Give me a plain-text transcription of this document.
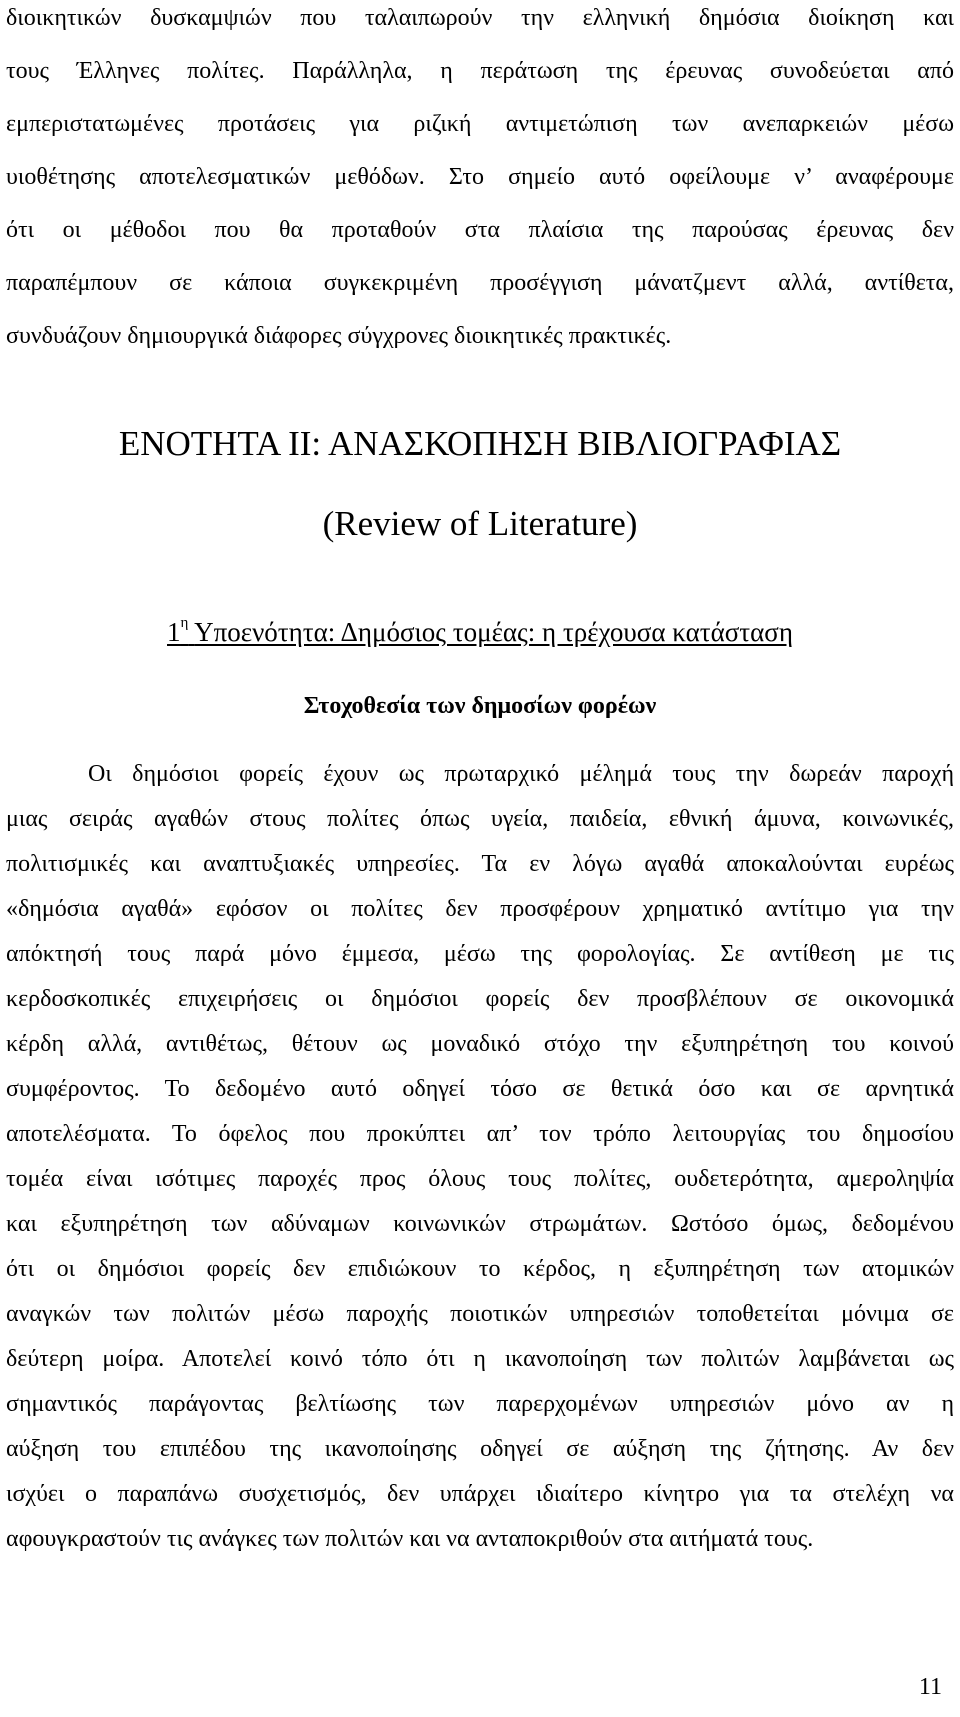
διοικητικών δυσκαμψιών που ταλαιπωρούν την ελληνική δημόσια διοίκηση και
τους Έλληνες πολίτες. Παράλληλα, η περάτωση της έρευνας συνοδεύεται από
εμπεριστατωμένες προτάσεις για ριζική αντιμετώπιση των ανεπαρκειών μέσω
υιοθέτησης αποτελεσματικών μεθόδων. Στο σημείο αυτό οφείλουμε ν’ αναφέρουμε
ότι οι μέθοδοι που θα προταθούν στα πλαίσια της παρούσας έρευνας δεν
παραπέμπουν σε κάποια συγκεκριμένη προσέγγιση μάνατζμεντ αλλά, αντίθετα,
συνδυάζουν δημιουργικά διάφορες σύγχρονες διοικητικές πρακτικές.
ΕΝΟΤΗΤΑ ΙΙ: ΑΝΑΣΚΟΠΗΣΗ ΒΙΒΛΙΟΓΡΑΦΙΑΣ
(Review of Literature)
$1^\eta$ Υποενότητα: Δημόσιος τομέας: η τρέχουσα κατάσταση
Στοχοθεσία των δημοσίων φορέων
Οι δημόσιοι φορείς έχουν ως πρωταρχικό μέλημά τους την δωρεάν παροχή
μιας σειράς αγαθών στους πολίτες όπως υγεία, παιδεία, εθνική άμυνα, κοινωνικές,
πολιτισμικές και αναπτυξιακές υπηρεσίες. Τα εν λόγω αγαθά αποκαλούνται ευρέως
«δημόσια αγαθά» εφόσον οι πολίτες δεν προσφέρουν χρηματικό αντίτιμο για την
απόκτησή τους παρά μόνο έμμεσα, μέσω της φορολογίας. Σε αντίθεση με τις
κερδοσκοπικές επιχειρήσεις οι δημόσιοι φορείς δεν προσβλέπουν σε οικονομικά
κέρδη αλλά, αντιθέτως, θέτουν ως μοναδικό στόχο την εξυπηρέτηση του κοινού
συμφέροντος. Το δεδομένο αυτό οδηγεί τόσο σε θετικά όσο και σε αρνητικά
αποτελέσματα. Το όφελος που προκύπτει απ’ τον τρόπο λειτουργίας του δημοσίου
τομέα είναι ισότιμες παροχές προς όλους τους πολίτες, ουδετερότητα, αμεροληψία
και εξυπηρέτηση των αδύναμων κοινωνικών στρωμάτων. Ωστόσο όμως, δεδομένου
ότι οι δημόσιοι φορείς δεν επιδιώκουν το κέρδος, η εξυπηρέτηση των ατομικών
αναγκών των πολιτών μέσω παροχής ποιοτικών υπηρεσιών τοποθετείται μόνιμα σε
δεύτερη μοίρα. Αποτελεί κοινό τόπο ότι η ικανοποίηση των πολιτών λαμβάνεται ως
σημαντικός παράγοντας βελτίωσης των παρερχομένων υπηρεσιών μόνο αν η
αύξηση του επιπέδου της ικανοποίησης οδηγεί σε αύξηση της ζήτησης. Αν δεν
ισχύει ο παραπάνω συσχετισμός, δεν υπάρχει ιδιαίτερο κίνητρο για τα στελέχη να
αφουγκραστούν τις ανάγκες των πολιτών και να ανταποκριθούν στα αιτήματά τους.
11
